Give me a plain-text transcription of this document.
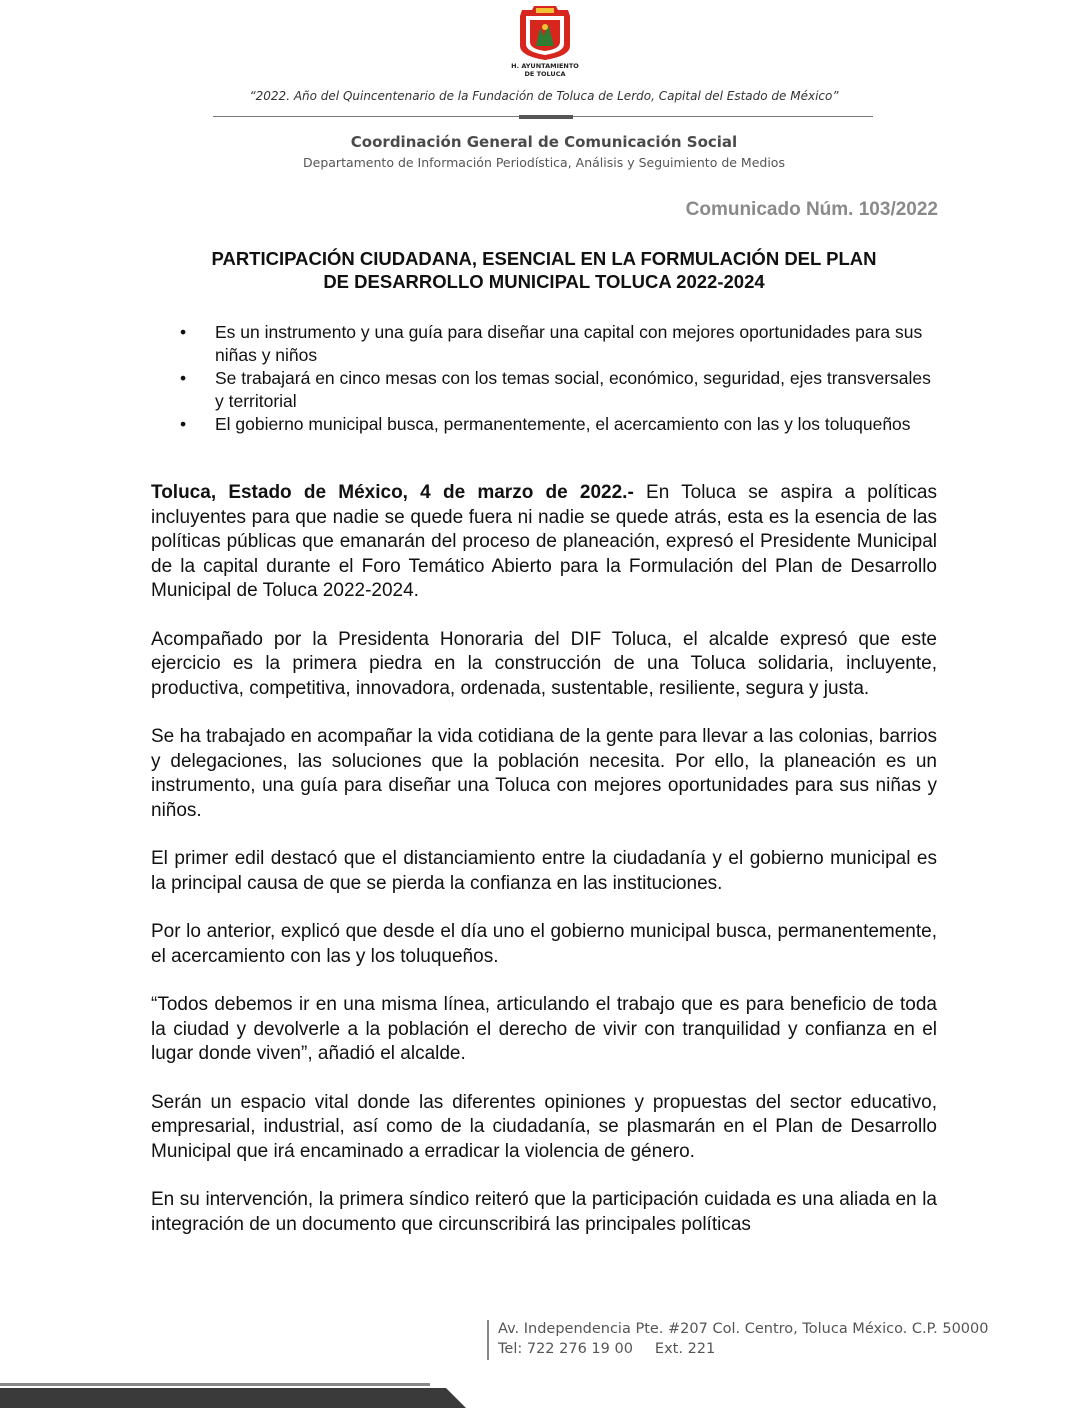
H. AYUNTAMIENTO
DE TOLUCA
“2022. Año del Quincentenario de la Fundación de Toluca de Lerdo, Capital del Estado de México”
Coordinación General de Comunicación Social
Departamento de Información Periodística, Análisis y Seguimiento de Medios
Comunicado Núm. 103/2022
PARTICIPACIÓN CIUDADANA, ESENCIAL EN LA FORMULACIÓN DEL PLAN
DE DESARROLLO MUNICIPAL TOLUCA 2022-2024
• Es un instrumento y una guía para diseñar una capital con mejores oportunidades para sus niñas y niños
• Se trabajará en cinco mesas con los temas social, económico, seguridad, ejes transversales y territorial
• El gobierno municipal busca, permanentemente, el acercamiento con las y los toluqueños

Toluca, Estado de México, 4 de marzo de 2022.- En Toluca se aspira a políticas incluyentes para que nadie se quede fuera ni nadie se quede atrás, esta es la esencia de las políticas públicas que emanarán del proceso de planeación, expresó el Presidente Municipal de la capital durante el Foro Temático Abierto para la Formulación del Plan de Desarrollo Municipal de Toluca 2022-2024.

Acompañado por la Presidenta Honoraria del DIF Toluca, el alcalde expresó que este ejercicio es la primera piedra en la construcción de una Toluca solidaria, incluyente, productiva, competitiva, innovadora, ordenada, sustentable, resiliente, segura y justa.

Se ha trabajado en acompañar la vida cotidiana de la gente para llevar a las colonias, barrios y delegaciones, las soluciones que la población necesita. Por ello, la planeación es un instrumento, una guía para diseñar una Toluca con mejores oportunidades para sus niñas y niños.

El primer edil destacó que el distanciamiento entre la ciudadanía y el gobierno municipal es la principal causa de que se pierda la confianza en las instituciones.

Por lo anterior, explicó que desde el día uno el gobierno municipal busca, permanentemente, el acercamiento con las y los toluqueños.

“Todos debemos ir en una misma línea, articulando el trabajo que es para beneficio de toda la ciudad y devolverle a la población el derecho de vivir con tranquilidad y confianza en el lugar donde viven”, añadió el alcalde.

Serán un espacio vital donde las diferentes opiniones y propuestas del sector educativo, empresarial, industrial, así como de la ciudadanía, se plasmarán en el Plan de Desarrollo Municipal que irá encaminado a erradicar la violencia de género.

En su intervención, la primera síndico reiteró que la participación cuidada es una aliada en la integración de un documento que circunscribirá las principales políticas

Av. Independencia Pte. #207 Col. Centro, Toluca México. C.P. 50000
Tel: 722 276 19 00 Ext. 221
